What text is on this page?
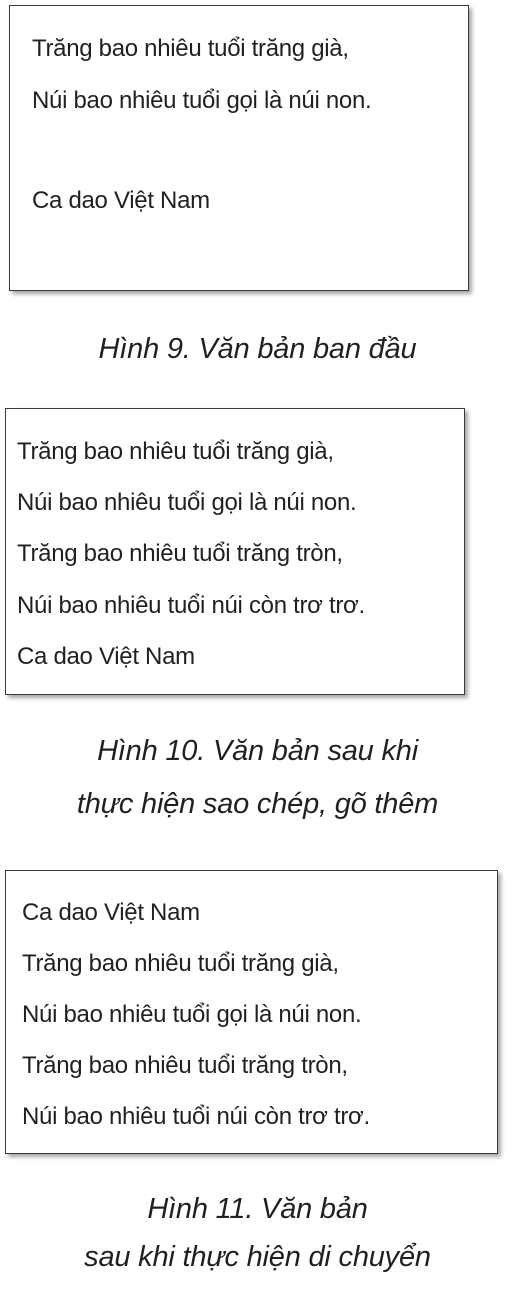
Trăng bao nhiêu tuổi trăng già,
Núi bao nhiêu tuổi gọi là núi non.
Ca dao Việt Nam
Hình 9. Văn bản ban đầu
Trăng bao nhiêu tuổi trăng già,
Núi bao nhiêu tuổi gọi là núi non.
Trăng bao nhiêu tuổi trăng tròn,
Núi bao nhiêu tuổi núi còn trơ trơ.
Ca dao Việt Nam
Hình 10. Văn bản sau khi
thực hiện sao chép, gõ thêm
Ca dao Việt Nam
Trăng bao nhiêu tuổi trăng già,
Núi bao nhiêu tuổi gọi là núi non.
Trăng bao nhiêu tuổi trăng tròn,
Núi bao nhiêu tuổi núi còn trơ trơ.
Hình 11. Văn bản
sau khi thực hiện di chuyển
